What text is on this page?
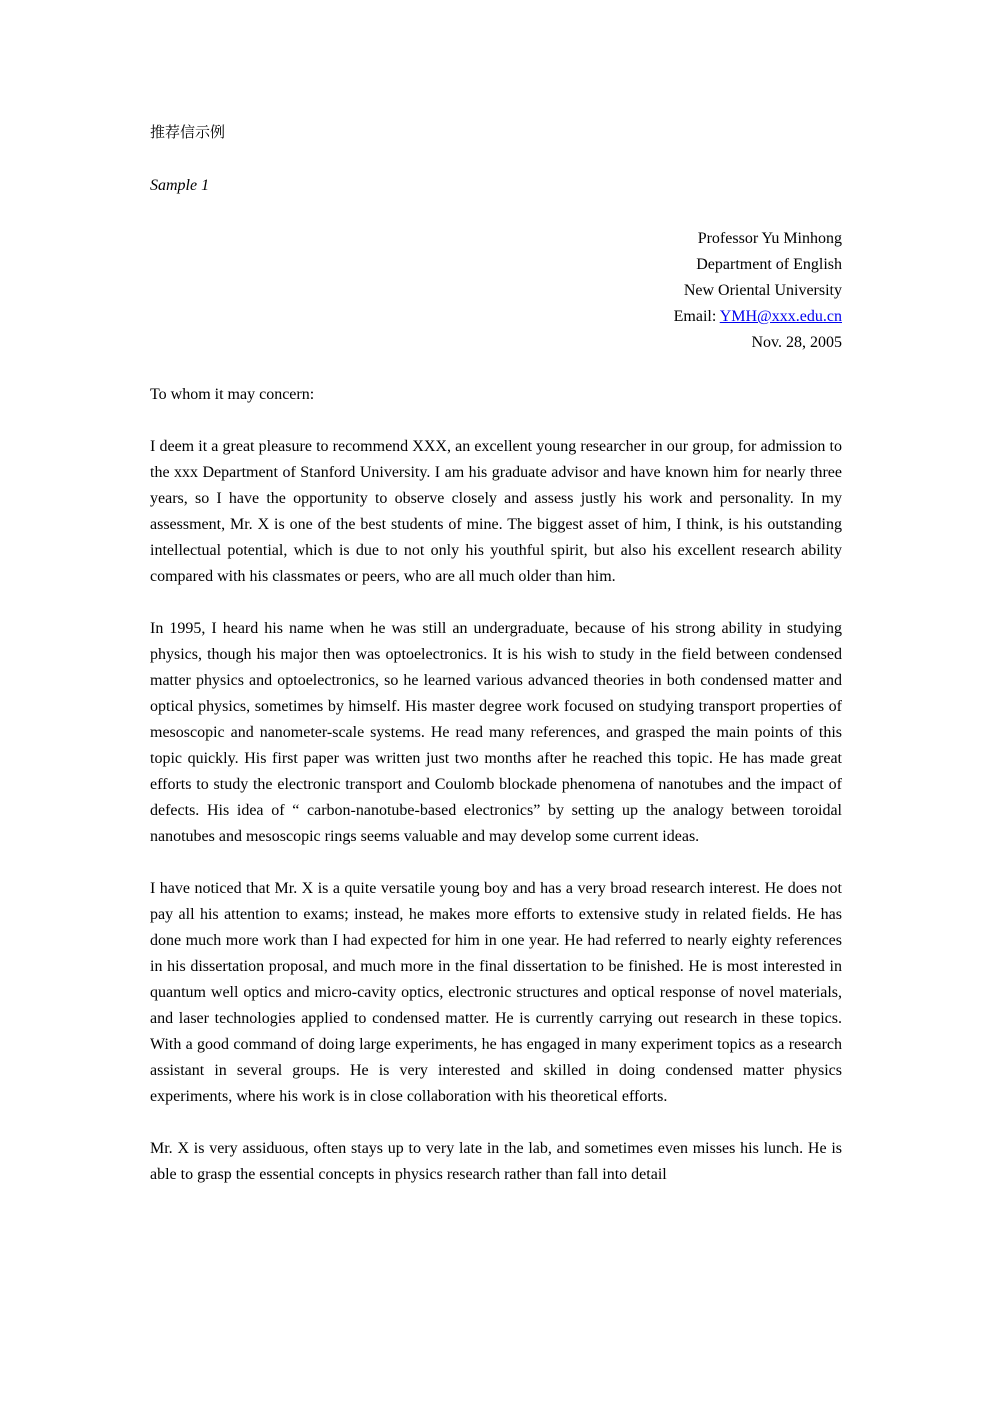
推荐信示例
Sample 1
Professor Yu Minhong
Department of English
New Oriental University
Email: YMH@xxx.edu.cn
Nov. 28, 2005

To whom it may concern:

I deem it a great pleasure to recommend XXX, an excellent young researcher in our group, for admission to the xxx Department of Stanford University. I am his graduate advisor and have known him for nearly three years, so I have the opportunity to observe closely and assess justly his work and personality. In my assessment, Mr. X is one of the best students of mine. The biggest asset of him, I think, is his outstanding intellectual potential, which is due to not only his youthful spirit, but also his excellent research ability compared with his classmates or peers, who are all much older than him.

In 1995, I heard his name when he was still an undergraduate, because of his strong ability in studying physics, though his major then was optoelectronics. It is his wish to study in the field between condensed matter physics and optoelectronics, so he learned various advanced theories in both condensed matter and optical physics, sometimes by himself. His master degree work focused on studying transport properties of mesoscopic and nanometer-scale systems. He read many references, and grasped the main points of this topic quickly. His first paper was written just two months after he reached this topic. He has made great efforts to study the electronic transport and Coulomb blockade phenomena of nanotubes and the impact of defects. His idea of “ carbon-nanotube-based electronics” by setting up the analogy between toroidal nanotubes and mesoscopic rings seems valuable and may develop some current ideas.

I have noticed that Mr. X is a quite versatile young boy and has a very broad research interest. He does not pay all his attention to exams; instead, he makes more efforts to extensive study in related fields. He has done much more work than I had expected for him in one year. He had referred to nearly eighty references in his dissertation proposal, and much more in the final dissertation to be finished. He is most interested in quantum well optics and micro-cavity optics, electronic structures and optical response of novel materials, and laser technologies applied to condensed matter. He is currently carrying out research in these topics. With a good command of doing large experiments, he has engaged in many experiment topics as a research assistant in several groups. He is very interested and skilled in doing condensed matter physics experiments, where his work is in close collaboration with his theoretical efforts.

Mr. X is very assiduous, often stays up to very late in the lab, and sometimes even misses his lunch. He is able to grasp the essential concepts in physics research rather than fall into detail
